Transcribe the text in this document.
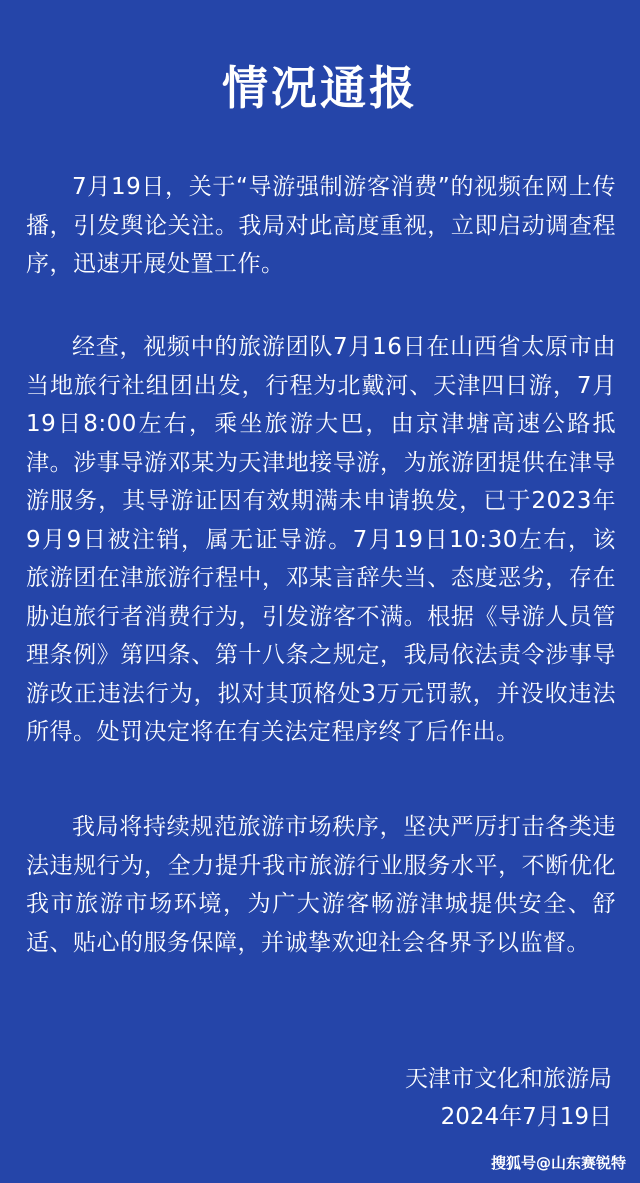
情况通报
7月19日，关于“导游强制游客消费”的视频在网上传播，引发舆论关注。我局对此高度重视，立即启动调查程序，迅速开展处置工作。
经查，视频中的旅游团队7月16日在山西省太原市由当地旅行社组团出发，行程为北戴河、天津四日游，7月19日8:00左右，乘坐旅游大巴，由京津塘高速公路抵津。涉事导游邓某为天津地接导游，为旅游团提供在津导游服务，其导游证因有效期满未申请换发，已于2023年9月9日被注销，属无证导游。7月19日10:30左右，该旅游团在津旅游行程中，邓某言辞失当、态度恶劣，存在胁迫旅行者消费行为，引发游客不满。根据《导游人员管理条例》第四条、第十八条之规定，我局依法责令涉事导游改正违法行为，拟对其顶格处3万元罚款，并没收违法所得。处罚决定将在有关法定程序终了后作出。
我局将持续规范旅游市场秩序，坚决严厉打击各类违法违规行为，全力提升我市旅游行业服务水平，不断优化我市旅游市场环境，为广大游客畅游津城提供安全、舒适、贴心的服务保障，并诚挚欢迎社会各界予以监督。
天津市文化和旅游局
2024年7月19日
搜狐号@山东赛锐特
